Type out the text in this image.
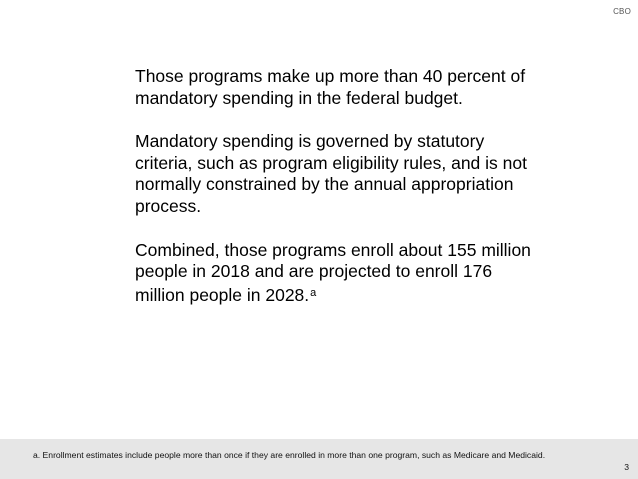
CBO

Those programs make up more than 40 percent of mandatory spending in the federal budget.

Mandatory spending is governed by statutory criteria, such as program eligibility rules, and is not normally constrained by the annual appropriation process.

Combined, those programs enroll about 155 million people in 2018 and are projected to enroll 176 million people in 2028.$^a$

a. Enrollment estimates include people more than once if they are enrolled in more than one program, such as Medicare and Medicaid.
3
